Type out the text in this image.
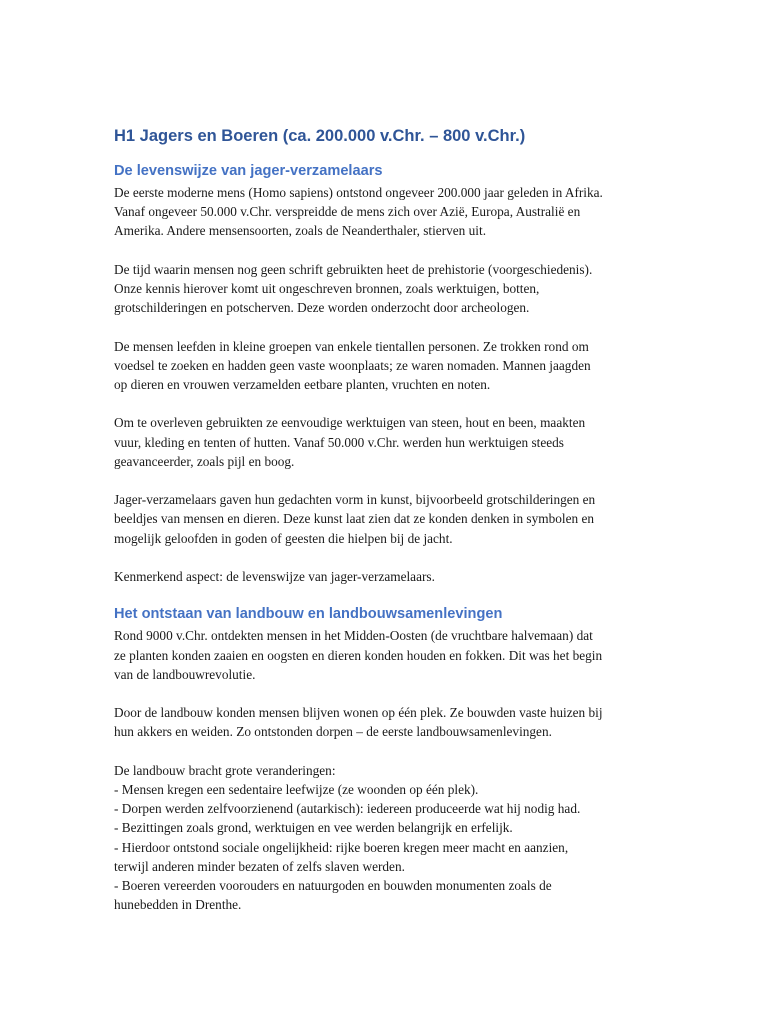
H1 Jagers en Boeren (ca. 200.000 v.Chr. – 800 v.Chr.)
De levenswijze van jager-verzamelaars

De eerste moderne mens (Homo sapiens) ontstond ongeveer 200.000 jaar geleden in Afrika.
Vanaf ongeveer 50.000 v.Chr. verspreidde de mens zich over Azië, Europa, Australië en
Amerika. Andere mensensoorten, zoals de Neanderthaler, stierven uit.

De tijd waarin mensen nog geen schrift gebruikten heet de prehistorie (voorgeschiedenis).
Onze kennis hierover komt uit ongeschreven bronnen, zoals werktuigen, botten,
grotschilderingen en potscherven. Deze worden onderzocht door archeologen.

De mensen leefden in kleine groepen van enkele tientallen personen. Ze trokken rond om
voedsel te zoeken en hadden geen vaste woonplaats; ze waren nomaden. Mannen jaagden
op dieren en vrouwen verzamelden eetbare planten, vruchten en noten.

Om te overleven gebruikten ze eenvoudige werktuigen van steen, hout en been, maakten
vuur, kleding en tenten of hutten. Vanaf 50.000 v.Chr. werden hun werktuigen steeds
geavanceerder, zoals pijl en boog.

Jager-verzamelaars gaven hun gedachten vorm in kunst, bijvoorbeeld grotschilderingen en
beeldjes van mensen en dieren. Deze kunst laat zien dat ze konden denken in symbolen en
mogelijk geloofden in goden of geesten die hielpen bij de jacht.

Kenmerkend aspect: de levenswijze van jager-verzamelaars.

Het ontstaan van landbouw en landbouwsamenlevingen

Rond 9000 v.Chr. ontdekten mensen in het Midden-Oosten (de vruchtbare halvemaan) dat
ze planten konden zaaien en oogsten en dieren konden houden en fokken. Dit was het begin
van de landbouwrevolutie.

Door de landbouw konden mensen blijven wonen op één plek. Ze bouwden vaste huizen bij
hun akkers en weiden. Zo ontstonden dorpen – de eerste landbouwsamenlevingen.

De landbouw bracht grote veranderingen:
- Mensen kregen een sedentaire leefwijze (ze woonden op één plek).
- Dorpen werden zelfvoorzienend (autarkisch): iedereen produceerde wat hij nodig had.
- Bezittingen zoals grond, werktuigen en vee werden belangrijk en erfelijk.
- Hierdoor ontstond sociale ongelijkheid: rijke boeren kregen meer macht en aanzien,
terwijl anderen minder bezaten of zelfs slaven werden.
- Boeren vereerden voorouders en natuurgoden en bouwden monumenten zoals de
hunebedden in Drenthe.
